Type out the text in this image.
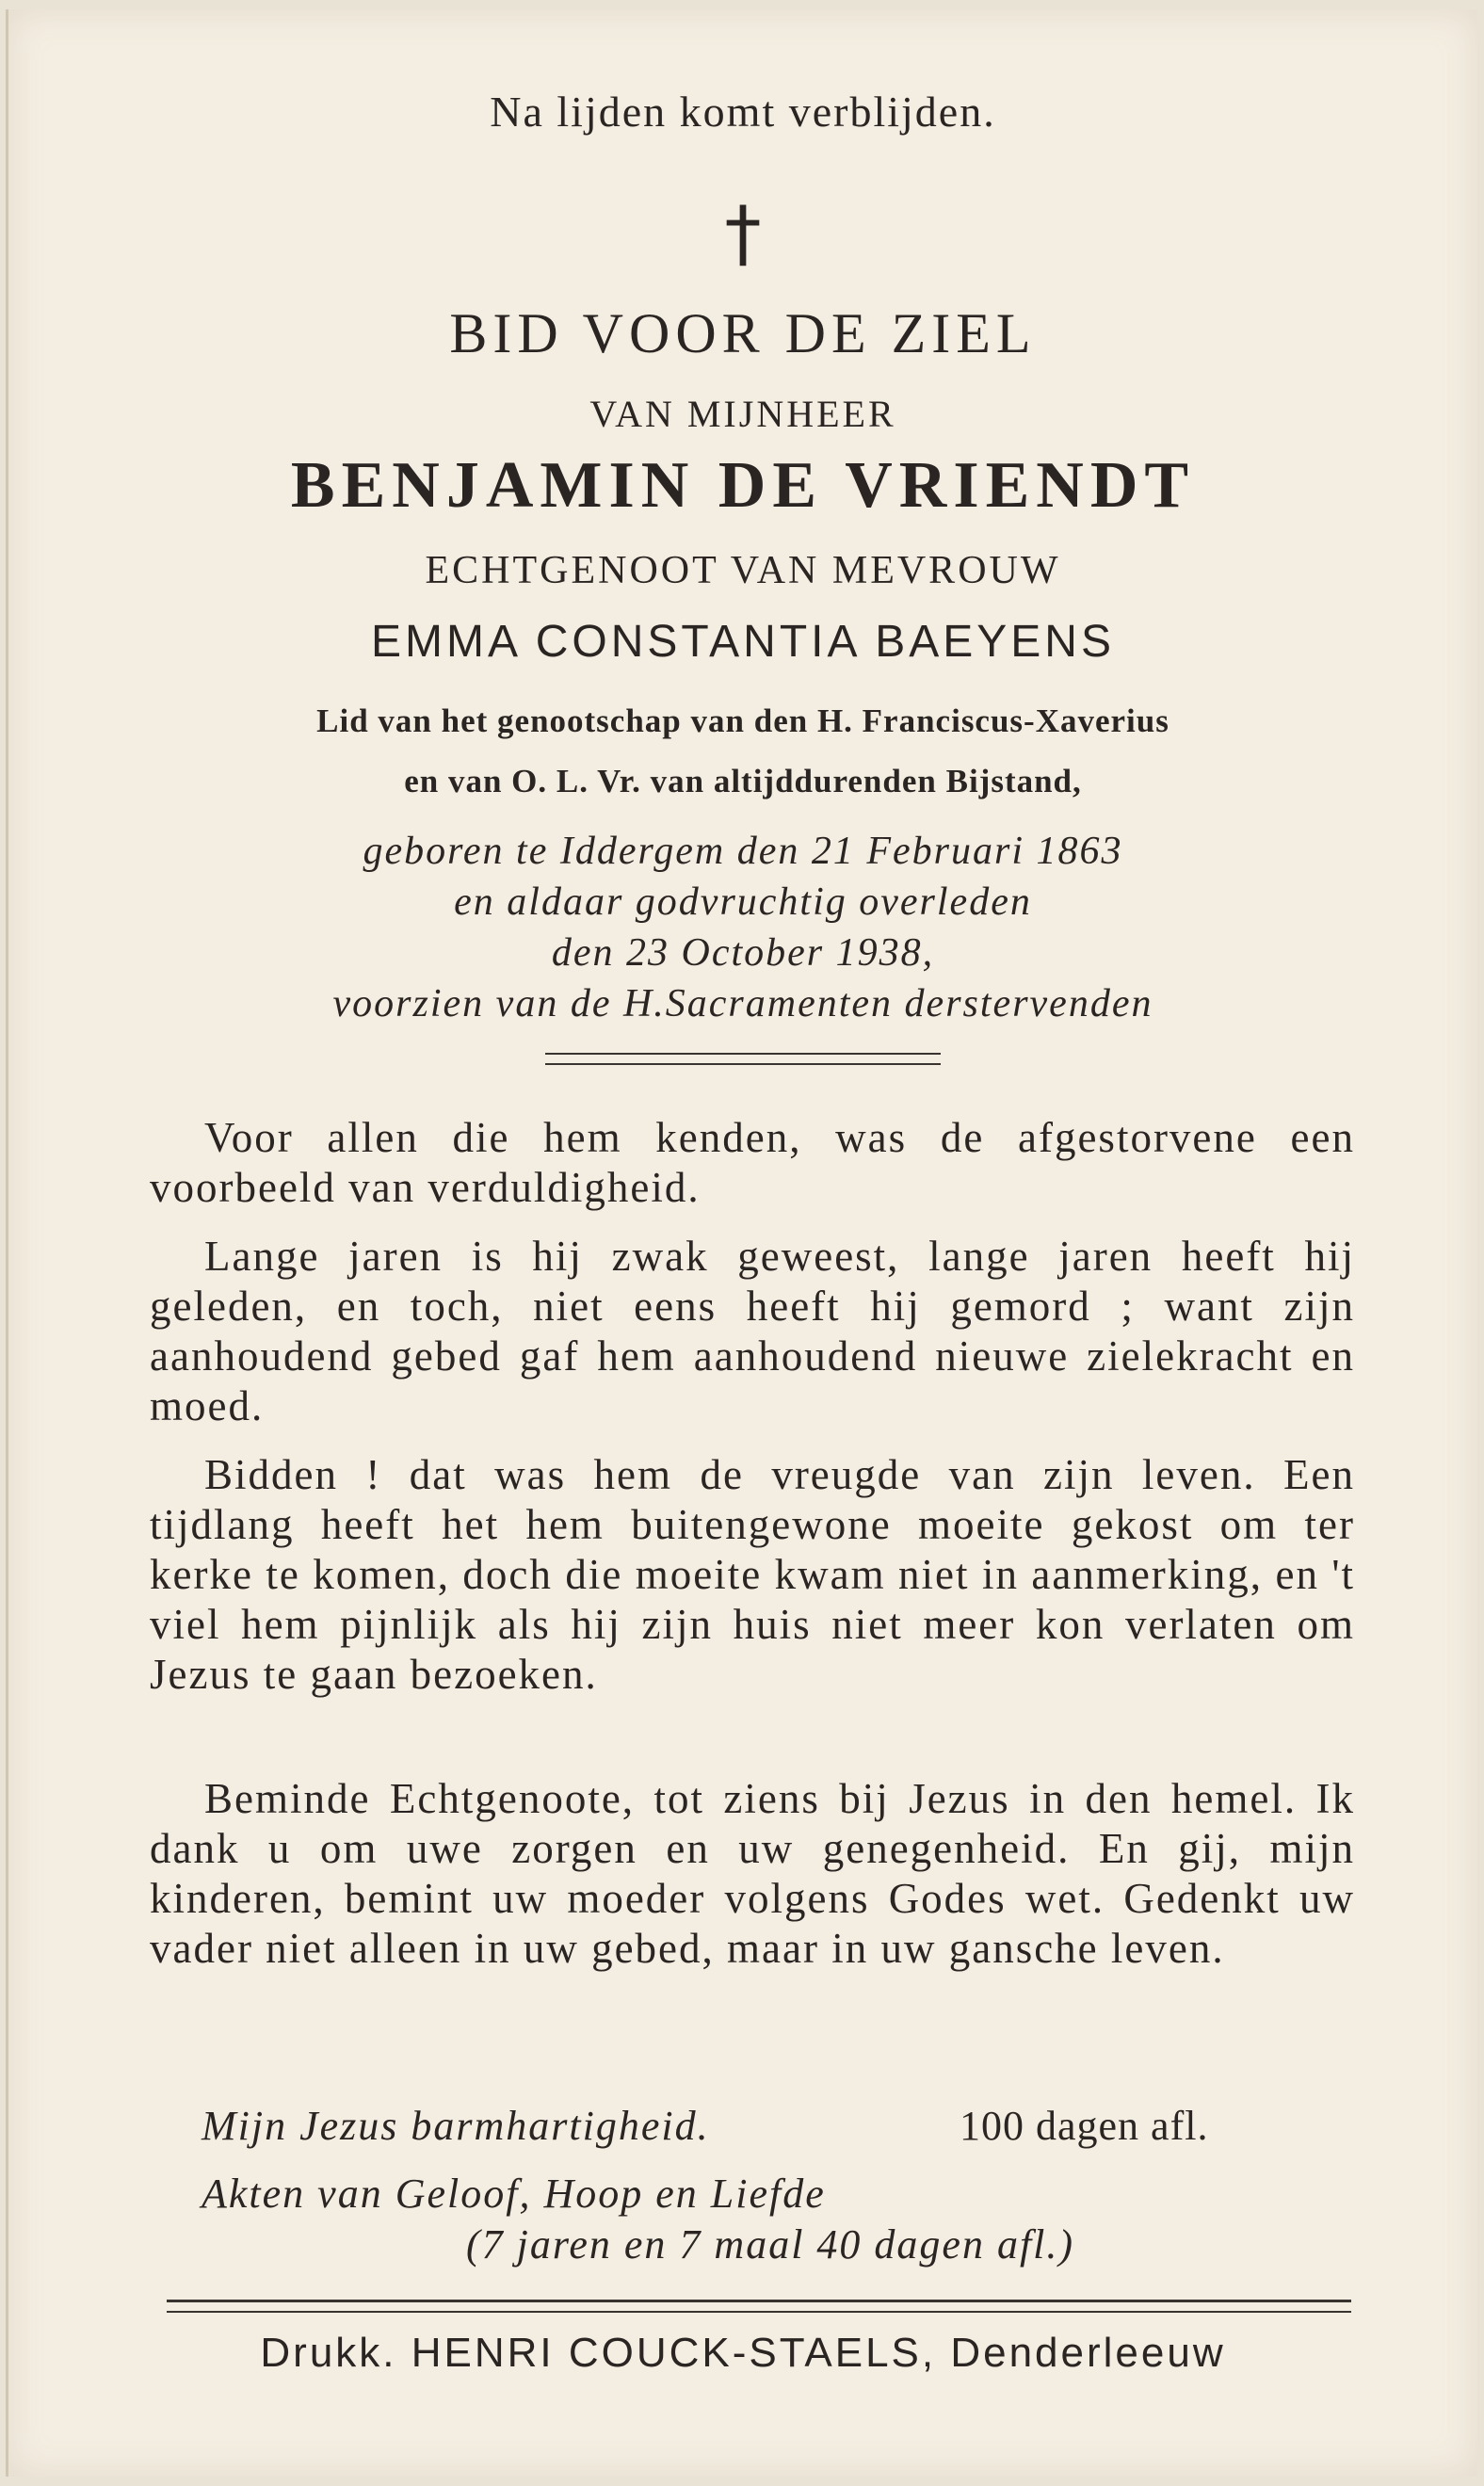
Na lijden komt verblijden.
†
BID VOOR DE ZIEL
VAN MIJNHEER
BENJAMIN DE VRIENDT
ECHTGENOOT VAN MEVROUW
EMMA CONSTANTIA BAEYENS
Lid van het genootschap van den H. Franciscus-Xaverius
en van O. L. Vr. van altijddurenden Bijstand,
geboren te Iddergem den 21 Februari 1863
en aldaar godvruchtig overleden
den 23 October 1938,
voorzien van de H.Sacramenten derstervenden
Voor allen die hem kenden, was de afgestorvene een voorbeeld van verduldigheid.
Lange jaren is hij zwak geweest, lange jaren heeft hij geleden, en toch, niet eens heeft hij gemord ; want zijn aanhoudend gebed gaf hem aanhoudend nieuwe zielekracht en moed.
Bidden ! dat was hem de vreugde van zijn leven. Een tijdlang heeft het hem buitengewone moeite gekost om ter kerke te komen, doch die moeite kwam niet in aanmerking, en 't viel hem pijnlijk als hij zijn huis niet meer kon verlaten om Jezus te gaan bezoeken.
Beminde Echtgenoote, tot ziens bij Jezus in den hemel. Ik dank u om uwe zorgen en uw genegenheid. En gij, mijn kinderen, bemint uw moeder volgens Godes wet. Gedenkt uw vader niet alleen in uw gebed, maar in uw gansche leven.
Mijn Jezus barmhartigheid.	100 dagen afl.
Akten van Geloof, Hoop en Liefde
(7 jaren en 7 maal 40 dagen afl.)
Drukk. HENRI COUCK-STAELS, Denderleeuw
